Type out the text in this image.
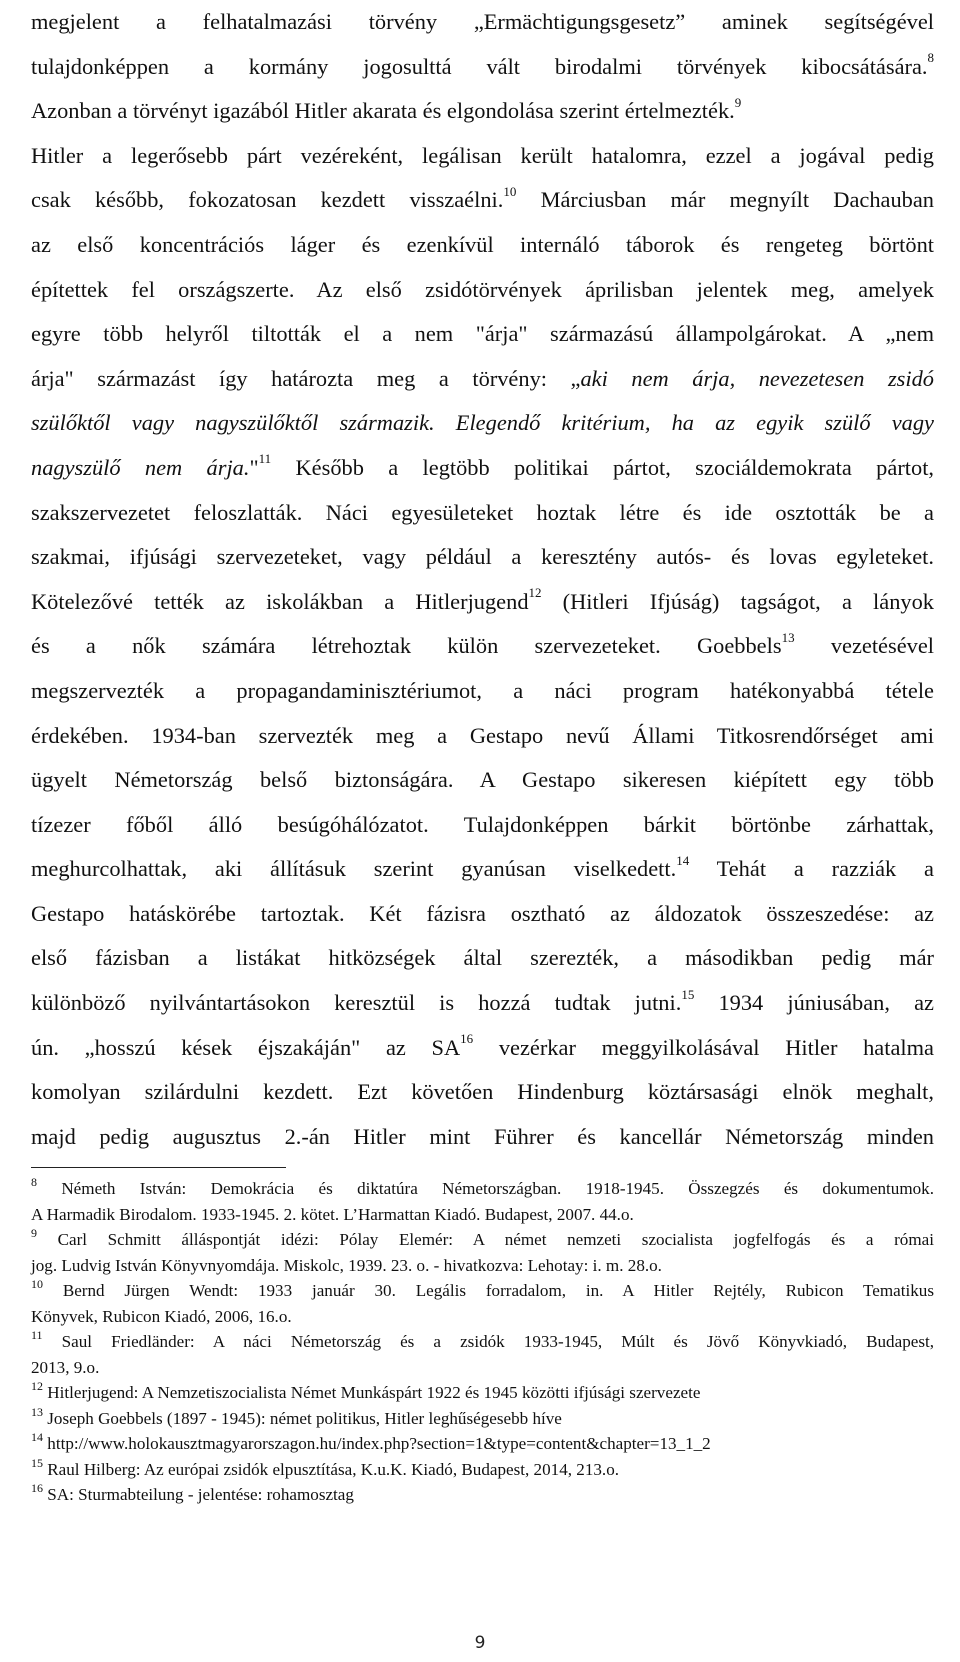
megjelent a felhatalmazási törvény „Ermächtigungsgesetz” aminek segítségével
tulajdonképpen a kormány jogosulttá vált birodalmi törvények kibocsátására.$^8$
Azonban a törvényt igazából Hitler akarata és elgondolása szerint értelmezték.$^9$
Hitler a legerősebb párt vezéreként, legálisan került hatalomra, ezzel a jogával pedig
csak később, fokozatosan kezdett visszaélni.$^{10}$ Márciusban már megnyílt Dachauban
az első koncentrációs láger és ezenkívül internáló táborok és rengeteg börtönt
építettek fel országszerte. Az első zsidótörvények áprilisban jelentek meg, amelyek
egyre több helyről tiltották el a nem "árja" származású állampolgárokat. A „nem
árja" származást így határozta meg a törvény: „aki nem árja, nevezetesen zsidó
szülőktől vagy nagyszülőktől származik. Elegendő kritérium, ha az egyik szülő vagy
nagyszülő nem árja."$^{11}$ Később a legtöbb politikai pártot, szociáldemokrata pártot,
szakszervezetet feloszlatták. Náci egyesületeket hoztak létre és ide osztották be a
szakmai, ifjúsági szervezeteket, vagy például a keresztény autós- és lovas egyleteket.
Kötelezővé tették az iskolákban a Hitlerjugend$^{12}$ (Hitleri Ifjúság) tagságot, a lányok
és a nők számára létrehoztak külön szervezeteket. Goebbels$^{13}$ vezetésével
megszervezték a propagandaminisztériumot, a náci program hatékonyabbá tétele
érdekében. 1934-ban szervezték meg a Gestapo nevű Állami Titkosrendőrséget ami
ügyelt Németország belső biztonságára. A Gestapo sikeresen kiépített egy több
tízezer főből álló besúgóhálózatot. Tulajdonképpen bárkit börtönbe zárhattak,
meghurcolhattak, aki állításuk szerint gyanúsan viselkedett.$^{14}$ Tehát a razziák a
Gestapo hatáskörébe tartoztak. Két fázisra osztható az áldozatok összeszedése: az
első fázisban a listákat hitközségek által szerezték, a másodikban pedig már
különböző nyilvántartásokon keresztül is hozzá tudtak jutni.$^{15}$ 1934 júniusában, az
ún. „hosszú kések éjszakáján" az SA$^{16}$ vezérkar meggyilkolásával Hitler hatalma
komolyan szilárdulni kezdett. Ezt követően Hindenburg köztársasági elnök meghalt,
majd pedig augusztus 2.-án Hitler mint Führer és kancellár Németország minden
$^8$ Németh István: Demokrácia és diktatúra Németországban. 1918-1945. Összegzés és dokumentumok.
A Harmadik Birodalom. 1933-1945. 2. kötet. L’Harmattan Kiadó. Budapest, 2007. 44.o.
$^9$ Carl Schmitt álláspontját idézi: Pólay Elemér: A német nemzeti szocialista jogfelfogás és a római
jog. Ludvig István Könyvnyomdája. Miskolc, 1939. 23. o. - hivatkozva: Lehotay: i. m. 28.o.
$^{10}$ Bernd Jürgen Wendt: 1933 január 30. Legális forradalom, in. A Hitler Rejtély, Rubicon Tematikus
Könyvek, Rubicon Kiadó, 2006, 16.o.
$^{11}$ Saul Friedländer: A náci Németország és a zsidók 1933-1945, Múlt és Jövő Könyvkiadó, Budapest,
2013, 9.o.
$^{12}$ Hitlerjugend: A Nemzetiszocialista Német Munkáspárt 1922 és 1945 közötti ifjúsági szervezete
$^{13}$ Joseph Goebbels (1897 - 1945): német politikus, Hitler leghűségesebb híve
$^{14}$ http://www.holokausztmagyarorszagon.hu/index.php?section=1&type=content&chapter=13_1_2
$^{15}$ Raul Hilberg: Az európai zsidók elpusztítása, K.u.K. Kiadó, Budapest, 2014, 213.o.
$^{16}$ SA: Sturmabteilung - jelentése: rohamosztag
9
